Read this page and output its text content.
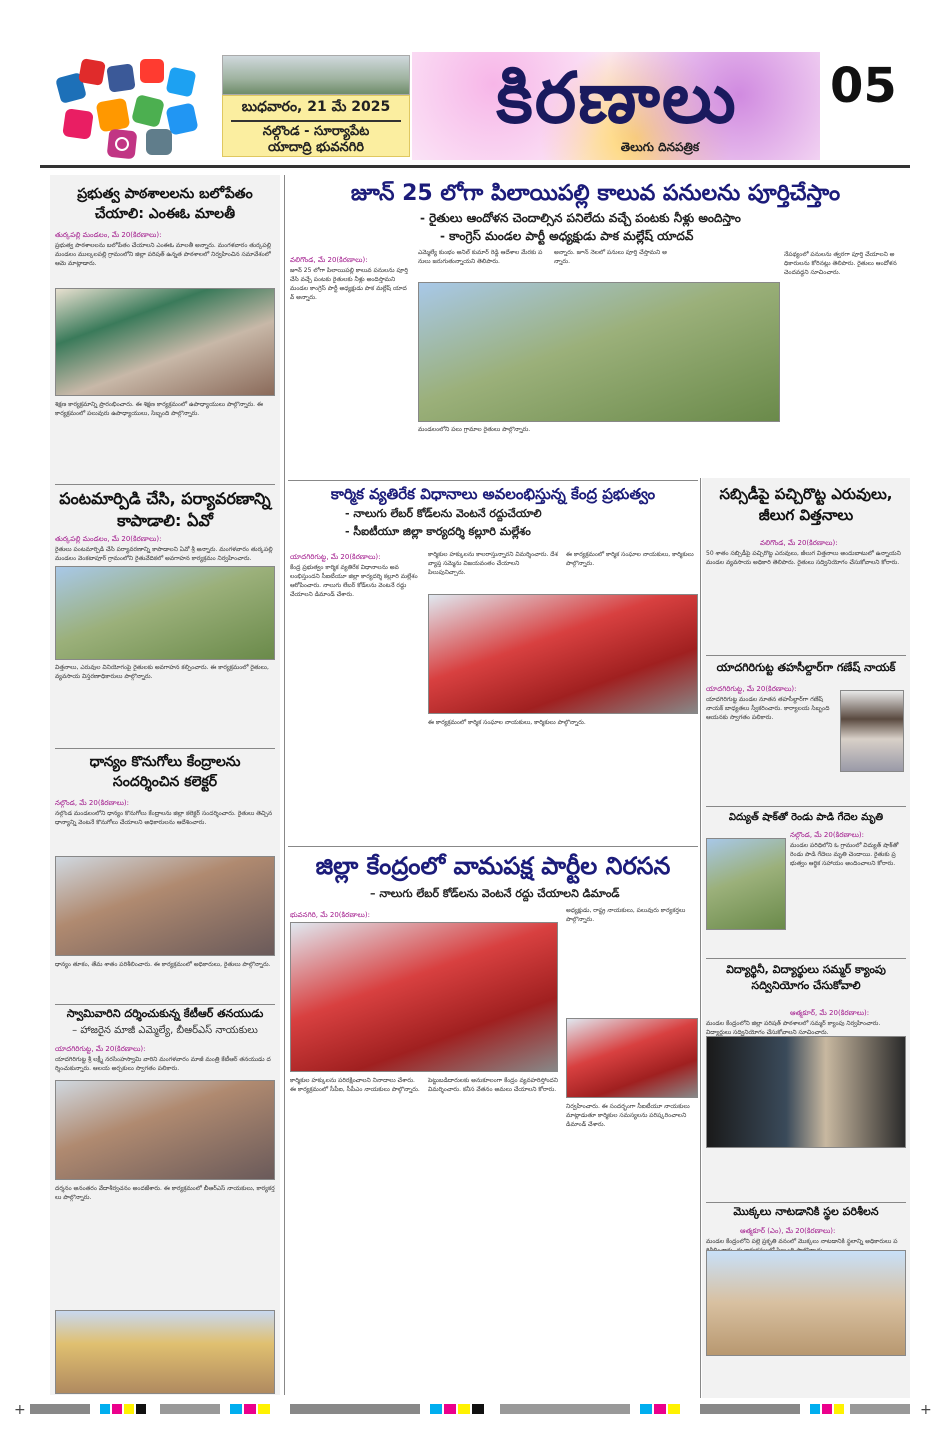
బుధవారం, 21 మే 2025
నల్గొండ - సూర్యాపేట
యాదాద్రి భువనగిరి
కిరణాలు
తెలుగు దినపత్రిక
05
ప్రభుత్వ పాఠశాలలను బలోపేతం చేయాలి: ఎంఈఓ మాలతీ
తుర్కపల్లి మండలం, మే 20(కిరణాలు):
ప్రభుత్వ పాఠశాలలను బలోపేతం చేయాలని ఎంఈఓ మాలతీ అన్నారు. మంగళవారం తుర్కపల్లి మండలం ముల్కలపల్లి గ్రామంలోని జిల్లా పరిషత్ ఉన్నత పాఠశాలలో నిర్వహించిన సమావేశంలో ఆమె మాట్లాడారు.
శిక్షణ కార్యక్రమాన్ని ప్రారంభించారు. ఈ శిక్షణ కార్యక్రమంలో ఉపాధ్యాయులు పాల్గొన్నారు. ఈ కార్యక్రమంలో పలువురు ఉపాధ్యాయులు, సిబ్బంది పాల్గొన్నారు.
పంటమార్పిడి చేసి, పర్యావరణాన్ని కాపాడాలి: ఏవో
తుర్కపల్లి మండలం, మే 20(కిరణాలు):
రైతులు పంటమార్పిడి చేసి పర్యావరణాన్ని కాపాడాలని ఏవో శ్రీ అన్నారు. మంగళవారం తుర్కపల్లి మండలం వెంకటాపూర్ గ్రామంలోని రైతువేదికలో అవగాహన కార్యక్రమం నిర్వహించారు.
విత్తనాలు, ఎరువుల వినియోగంపై రైతులకు అవగాహన కల్పించారు. ఈ కార్యక్రమంలో రైతులు, వ్యవసాయ విస్తరణాధికారులు పాల్గొన్నారు.
ధాన్యం కొనుగోలు కేంద్రాలను సందర్శించిన కలెక్టర్
నల్గొండ, మే 20(కిరణాలు):
నల్గొండ మండలంలోని ధాన్యం కొనుగోలు కేంద్రాలను జిల్లా కలెక్టర్ సందర్శించారు. రైతులు తెచ్చిన ధాన్యాన్ని వెంటనే కొనుగోలు చేయాలని అధికారులను ఆదేశించారు.
ధాన్యం తూకం, తేమ శాతం పరిశీలించారు. ఈ కార్యక్రమంలో అధికారులు, రైతులు పాల్గొన్నారు.
స్వామివారిని దర్శించుకున్న కేటీఆర్ తనయుడు
– హాజరైన మాజీ ఎమ్మెల్యే, బీఆర్ఎస్ నాయకులు
యాదగిరిగుట్ట, మే 20(కిరణాలు):
యాదగిరిగుట్ట శ్రీ లక్ష్మీ నరసింహస్వామి వారిని మంగళవారం మాజీ మంత్రి కేటీఆర్ తనయుడు దర్శించుకున్నారు. ఆలయ అర్చకులు స్వాగతం పలికారు.
దర్శనం అనంతరం వేదాశీర్వచనం అందజేశారు. ఈ కార్యక్రమంలో బీఆర్ఎస్ నాయకులు, కార్యకర్తలు పాల్గొన్నారు.
జూన్ 25 లోగా పిలాయిపల్లి కాలువ పనులను పూర్తిచేస్తాం
- రైతులు ఆందోళన చెందాల్సిన పనిలేదు వచ్చే పంటకు నీళ్లు అందిస్తాం
- కాంగ్రెస్ మండల పార్టీ అధ్యక్షుడు పాక మల్లేష్ యాదవ్
వలిగొండ, మే 20(కిరణాలు):
జూన్ 25 లోగా పిలాయిపల్లి కాలువ పనులను పూర్తి చేసి వచ్చే పంటకు రైతులకు నీళ్లు అందిస్తామని మండల కాంగ్రెస్ పార్టీ అధ్యక్షుడు పాక మల్లేష్ యాదవ్ అన్నారు.
ఎమ్మెల్యే కుంభం అనిల్ కుమార్ రెడ్డి ఆదేశాల మేరకు పనులు జరుగుతున్నాయని తెలిపారు.
అన్నారు. జూన్ నెలలో పనులు పూర్తి చేస్తామని అన్నారు.
నేపథ్యంలో పనులను త్వరగా పూర్తి చేయాలని అధికారులను కోరినట్లు తెలిపారు. రైతులు ఆందోళన చెందవద్దని సూచించారు.
మండలంలోని పలు గ్రామాల రైతులు పాల్గొన్నారు.
కార్మిక వ్యతిరేక విధానాలు అవలంభిస్తున్న కేంద్ర ప్రభుత్వం
- నాలుగు లేబర్ కోడ్‌లను వెంటనే రద్దుచేయాలి
- సీఐటీయూ జిల్లా కార్యదర్శి కల్లూరి మల్లేశం
యాదగిరిగుట్ట, మే 20(కిరణాలు):
కేంద్ర ప్రభుత్వం కార్మిక వ్యతిరేక విధానాలను అవలంభిస్తుందని సీఐటీయూ జిల్లా కార్యదర్శి కల్లూరి మల్లేశం ఆరోపించారు. నాలుగు లేబర్ కోడ్‌లను వెంటనే రద్దు చేయాలని డిమాండ్ చేశారు.
కార్మికుల హక్కులను కాలరాస్తున్నారని విమర్శించారు. దేశవ్యాప్త సమ్మెను విజయవంతం చేయాలని పిలుపునిచ్చారు.
ఈ కార్యక్రమంలో కార్మిక సంఘాల నాయకులు, కార్మికులు పాల్గొన్నారు.
ఈ కార్యక్రమంలో కార్మిక సంఘాల నాయకులు, కార్మికులు పాల్గొన్నారు.
జిల్లా కేంద్రంలో వామపక్ష పార్టీల నిరసన
– నాలుగు లేబర్ కోడ్‌లను వెంటనే రద్దు చేయాలని డిమాండ్
భువనగిరి, మే 20(కిరణాలు):
అధ్యక్షుడు, రాష్ట్ర నాయకులు, పలువురు కార్యకర్తలు పాల్గొన్నారు.
కార్మికుల హక్కులను పరిరక్షించాలని నినాదాలు చేశారు. ఈ కార్యక్రమంలో సీపీఐ, సీపీఎం నాయకులు పాల్గొన్నారు.
పెట్టుబడిదారులకు అనుకూలంగా కేంద్రం వ్యవహరిస్తోందని విమర్శించారు. కనీస వేతనం అమలు చేయాలని కోరారు.
నిర్వహించారు. ఈ సందర్భంగా సీఐటీయూ నాయకులు మాట్లాడుతూ కార్మికుల సమస్యలను పరిష్కరించాలని డిమాండ్ చేశారు.
సబ్సిడీపై పచ్చిరొట్ట ఎరువులు, జీలుగ విత్తనాలు
వలిగొండ, మే 20(కిరణాలు):
50 శాతం సబ్సిడీపై పచ్చిరొట్ట ఎరువులు, జీలుగ విత్తనాలు అందుబాటులో ఉన్నాయని మండల వ్యవసాయ అధికారి తెలిపారు. రైతులు సద్వినియోగం చేసుకోవాలని కోరారు.
యాదగిరిగుట్ట తహసీల్దార్‌గా గణేష్ నాయక్
యాదగిరిగుట్ట, మే 20(కిరణాలు):
యాదగిరిగుట్ట మండల నూతన తహసీల్దార్‌గా గణేష్ నాయక్ బాధ్యతలు స్వీకరించారు. కార్యాలయ సిబ్బంది ఆయనకు స్వాగతం పలికారు.
విద్యుత్ షాక్‌తో రెండు పాడి గేదెల మృతి
నల్గొండ, మే 20(కిరణాలు):
మండల పరిధిలోని ఓ గ్రామంలో విద్యుత్ షాక్‌తో రెండు పాడి గేదెలు మృతి చెందాయి. రైతుకు ప్రభుత్వం ఆర్థిక సహాయం అందించాలని కోరారు.
విద్యార్థినీ, విద్యార్థులు సమ్మర్ క్యాంపు సద్వినియోగం చేసుకోవాలి
ఆత్మకూర్, మే 20(కిరణాలు):
మండల కేంద్రంలోని జిల్లా పరిషత్ పాఠశాలలో సమ్మర్ క్యాంపు నిర్వహించారు. విద్యార్థులు సద్వినియోగం చేసుకోవాలని సూచించారు.
మొక్కలు నాటడానికి స్థల పరిశీలన
ఆత్మకూర్ (ఎం), మే 20(కిరణాలు):
మండల కేంద్రంలోని పల్లె ప్రకృతి వనంలో మొక్కలు నాటడానికి స్థలాన్ని అధికారులు ప
+	+
